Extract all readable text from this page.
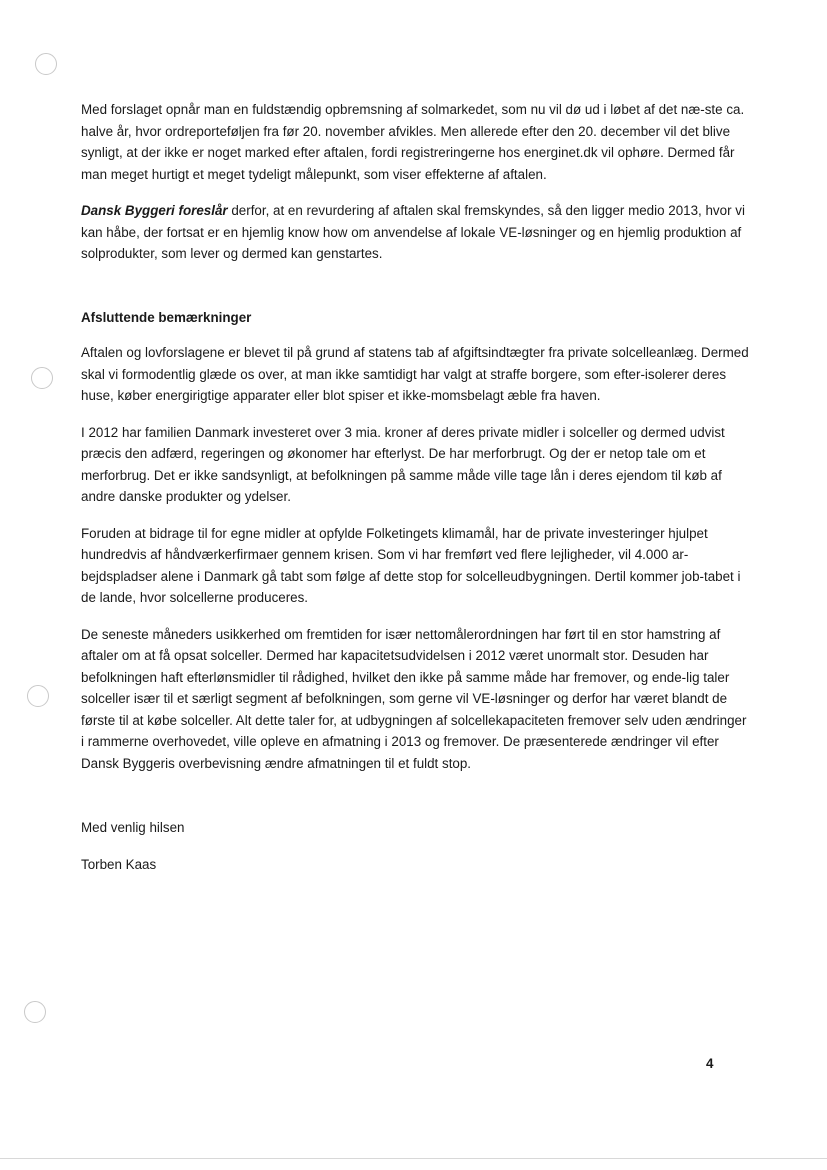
Med forslaget opnår man en fuldstændig opbremsning af solmarkedet, som nu vil dø ud i løbet af det næ-ste ca. halve år, hvor ordreporteføljen fra før 20. november afvikles. Men allerede efter den 20. december vil det blive synligt, at der ikke er noget marked efter aftalen, fordi registreringerne hos energinet.dk vil ophøre. Dermed får man meget hurtigt et meget tydeligt målepunkt, som viser effekterne af aftalen.

Dansk Byggeri foreslår derfor, at en revurdering af aftalen skal fremskyndes, så den ligger medio 2013, hvor vi kan håbe, der fortsat er en hjemlig know how om anvendelse af lokale VE-løsninger og en hjemlig produktion af solprodukter, som lever og dermed kan genstartes.

Afsluttende bemærkninger

Aftalen og lovforslagene er blevet til på grund af statens tab af afgiftsindtægter fra private solcelleanlæg. Dermed skal vi formodentlig glæde os over, at man ikke samtidigt har valgt at straffe borgere, som efter-isolerer deres huse, køber energirigtige apparater eller blot spiser et ikke-momsbelagt æble fra haven.

I 2012 har familien Danmark investeret over 3 mia. kroner af deres private midler i solceller og dermed udvist præcis den adfærd, regeringen og økonomer har efterlyst. De har merforbrugt. Og der er netop tale om et merforbrug. Det er ikke sandsynligt, at befolkningen på samme måde ville tage lån i deres ejendom til køb af andre danske produkter og ydelser.

Foruden at bidrage til for egne midler at opfylde Folketingets klimamål, har de private investeringer hjulpet hundredvis af håndværkerfirmaer gennem krisen. Som vi har fremført ved flere lejligheder, vil 4.000 ar-bejdspladser alene i Danmark gå tabt som følge af dette stop for solcelleudbygningen. Dertil kommer job-tabet i de lande, hvor solcellerne produceres.

De seneste måneders usikkerhed om fremtiden for især nettomålerordningen har ført til en stor hamstring af aftaler om at få opsat solceller. Dermed har kapacitetsudvidelsen i 2012 været unormalt stor. Desuden har befolkningen haft efterlønsmidler til rådighed, hvilket den ikke på samme måde har fremover, og ende-lig taler solceller især til et særligt segment af befolkningen, som gerne vil VE-løsninger og derfor har været blandt de første til at købe solceller. Alt dette taler for, at udbygningen af solcellekapaciteten fremover selv uden ændringer i rammerne overhovedet, ville opleve en afmatning i 2013 og fremover. De præsenterede ændringer vil efter Dansk Byggeris overbevisning ændre afmatningen til et fuldt stop.

Med venlig hilsen

Torben Kaas

4
